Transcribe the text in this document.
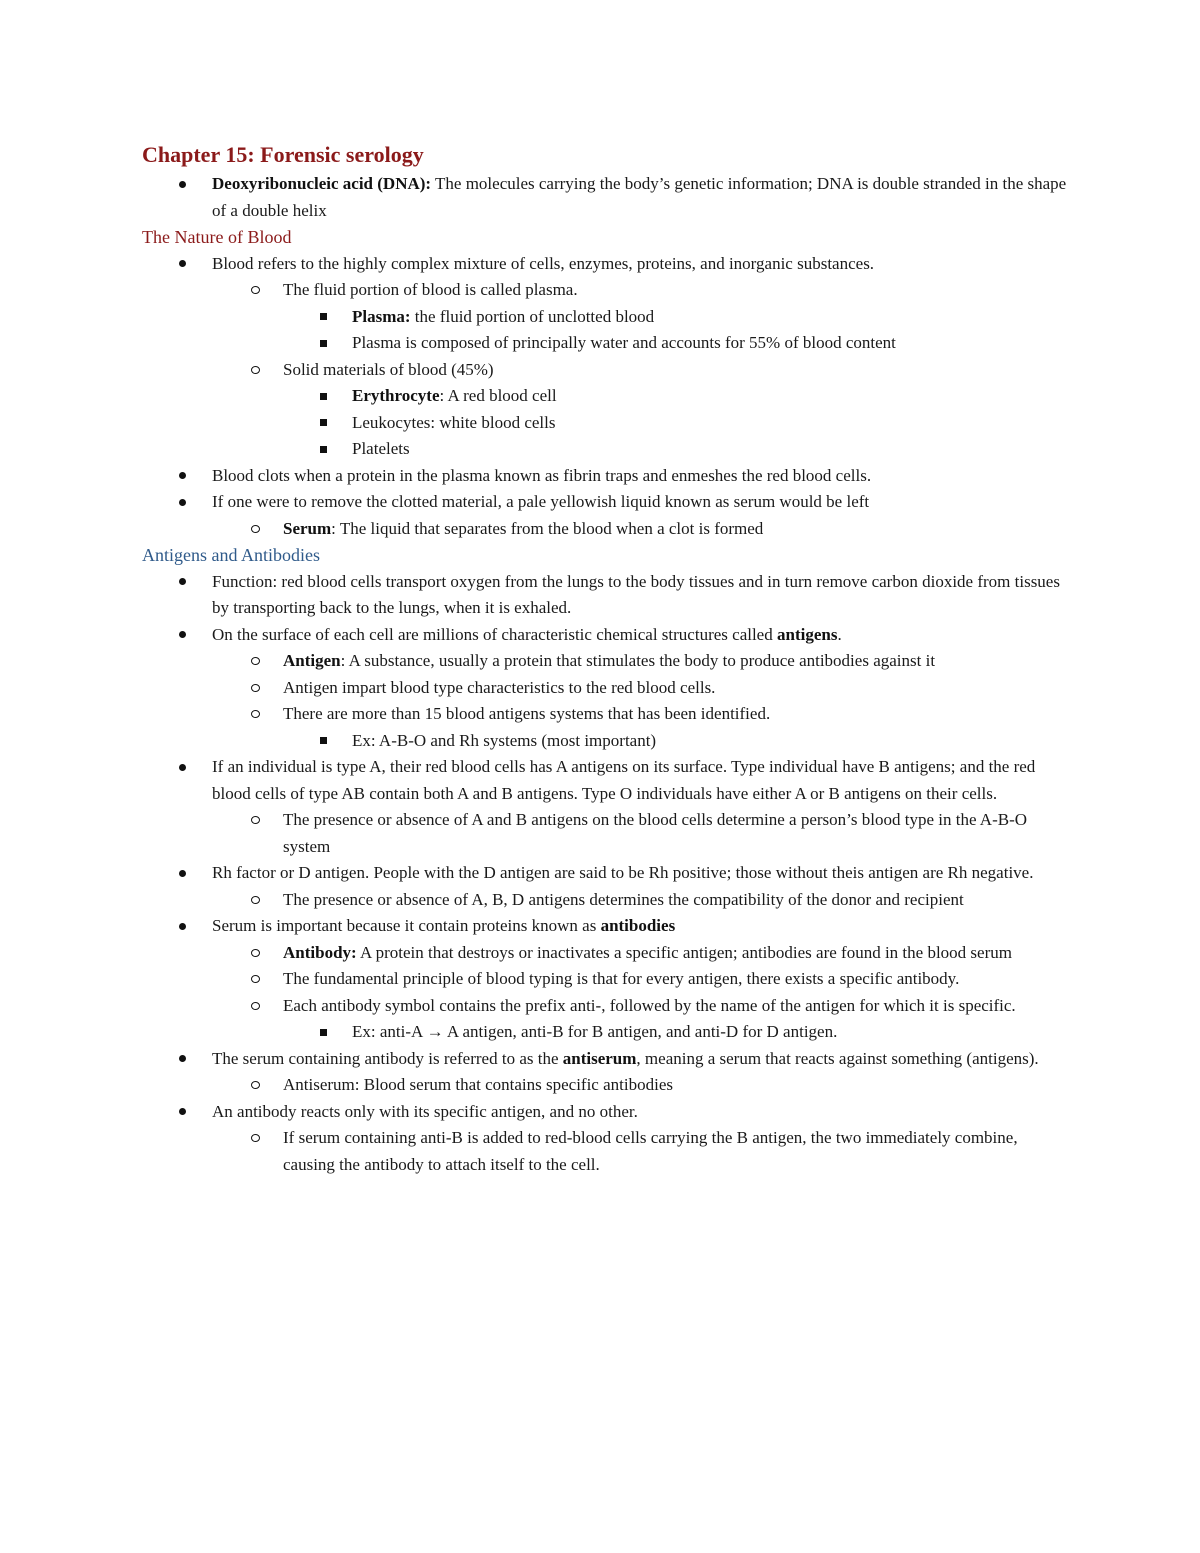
Chapter 15: Forensic serology
Deoxyribonucleic acid (DNA): The molecules carrying the body’s genetic information; DNA is double stranded in the shape of a double helix
The Nature of Blood
Blood refers to the highly complex mixture of cells, enzymes, proteins, and inorganic substances.
The fluid portion of blood is called plasma.
Plasma: the fluid portion of unclotted blood
Plasma is composed of principally water and accounts for 55% of blood content
Solid materials of blood (45%)
Erythrocyte: A red blood cell
Leukocytes: white blood cells
Platelets
Blood clots when a protein in the plasma known as fibrin traps and enmeshes the red blood cells.
If one were to remove the clotted material, a pale yellowish liquid known as serum would be left
Serum: The liquid that separates from the blood when a clot is formed
Antigens and Antibodies
Function: red blood cells transport oxygen from the lungs to the body tissues and in turn remove carbon dioxide from tissues by transporting back to the lungs, when it is exhaled.
On the surface of each cell are millions of characteristic chemical structures called antigens.
Antigen: A substance, usually a protein that stimulates the body to produce antibodies against it
Antigen impart blood type characteristics to the red blood cells.
There are more than 15 blood antigens systems that has been identified.
Ex: A-B-O and Rh systems (most important)
If an individual is type A, their red blood cells has A antigens on its surface. Type individual have B antigens; and the red blood cells of type AB contain both A and B antigens. Type O individuals have either A or B antigens on their cells.
The presence or absence of A and B antigens on the blood cells determine a person’s blood type in the A-B-O system
Rh factor or D antigen. People with the D antigen are said to be Rh positive; those without theis antigen are Rh negative.
The presence or absence of A, B, D antigens determines the compatibility of the donor and recipient
Serum is important because it contain proteins known as antibodies
Antibody: A protein that destroys or inactivates a specific antigen; antibodies are found in the blood serum
The fundamental principle of blood typing is that for every antigen, there exists a specific antibody.
Each antibody symbol contains the prefix anti-, followed by the name of the antigen for which it is specific.
Ex: anti-A → A antigen, anti-B for B antigen, and anti-D for D antigen.
The serum containing antibody is referred to as the antiserum, meaning a serum that reacts against something (antigens).
Antiserum: Blood serum that contains specific antibodies
An antibody reacts only with its specific antigen, and no other.
If serum containing anti-B is added to red-blood cells carrying the B antigen, the two immediately combine, causing the antibody to attach itself to the cell.
